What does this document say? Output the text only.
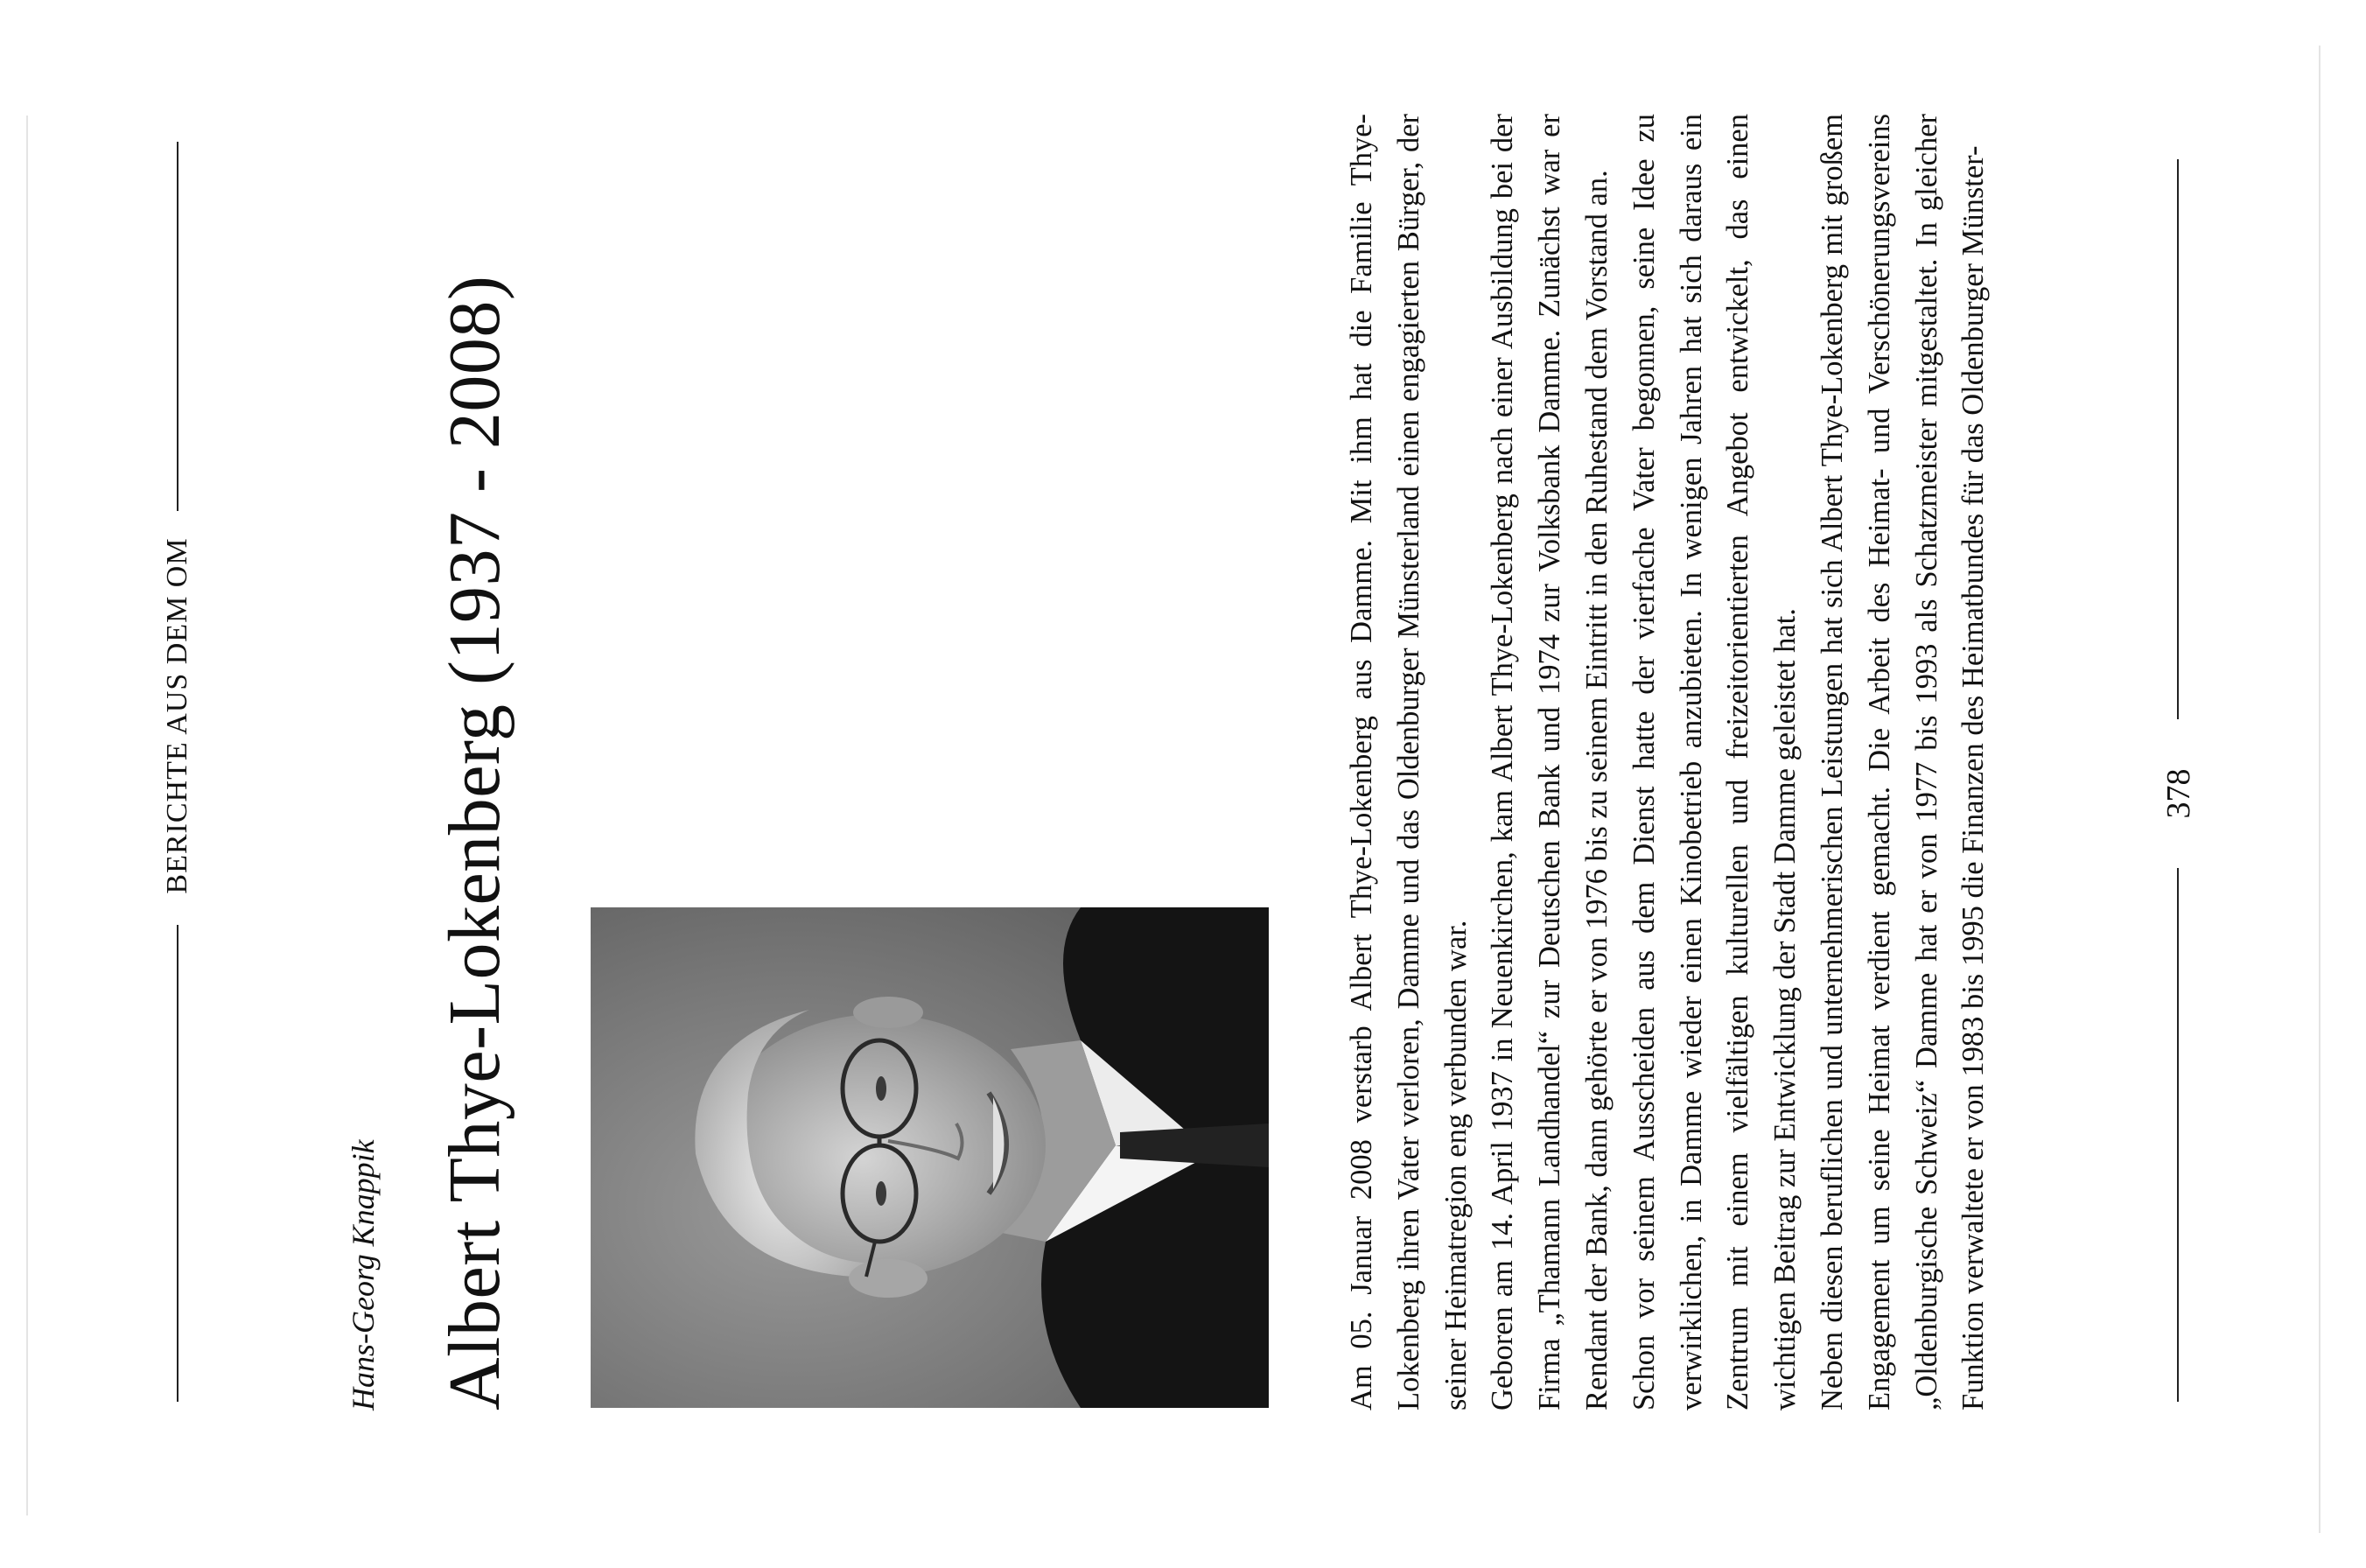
BERICHTE AUS DEM OM
Hans-Georg Knappik Albert Thye-Lokenberg (1937 - 2008)	Am 05. Januar 2008 verstarb Albert Thye-Lokenberg aus Damme. Mit ihm hat die Familie Thye-Lokenberg ihren Vater verloren, Damme und das Oldenburger Münsterland einen engagierten Bürger, der seiner Heimatregion eng verbunden war. Geboren am 14. April 1937 in Neuenkirchen, kam Albert Thye-Lokenberg nach einer Ausbildung bei der Firma „Thamann Landhandel“ zur Deutschen Bank und 1974 zur Volksbank Damme. Zunächst war er Rendant der Bank, dann gehörte er von 1976 bis zu seinem Eintritt in den Ruhestand dem Vorstand an. Schon vor seinem Ausscheiden aus dem Dienst hatte der vierfache Vater begonnen, seine Idee zu verwirklichen, in Damme wieder einen Kinobetrieb anzubieten. In wenigen Jahren hat sich daraus ein Zentrum mit einem vielfältigen kulturellen und freizeitorientierten Angebot entwickelt, das einen wichtigen Beitrag zur Entwicklung der Stadt Damme geleistet hat. Neben diesen beruflichen und unternehmerischen Leistungen hat sich Albert Thye-Lokenberg mit großem Engagement um seine Heimat verdient gemacht. Die Arbeit des Heimat- und Verschönerungsvereins „Oldenburgische Schweiz“ Damme hat er von 1977 bis 1993 als Schatzmeister mitgestaltet. In gleicher Funktion verwaltete er von 1983 bis 1995 die Finanzen des Heimatbundes für das Oldenburger Münster-	378
